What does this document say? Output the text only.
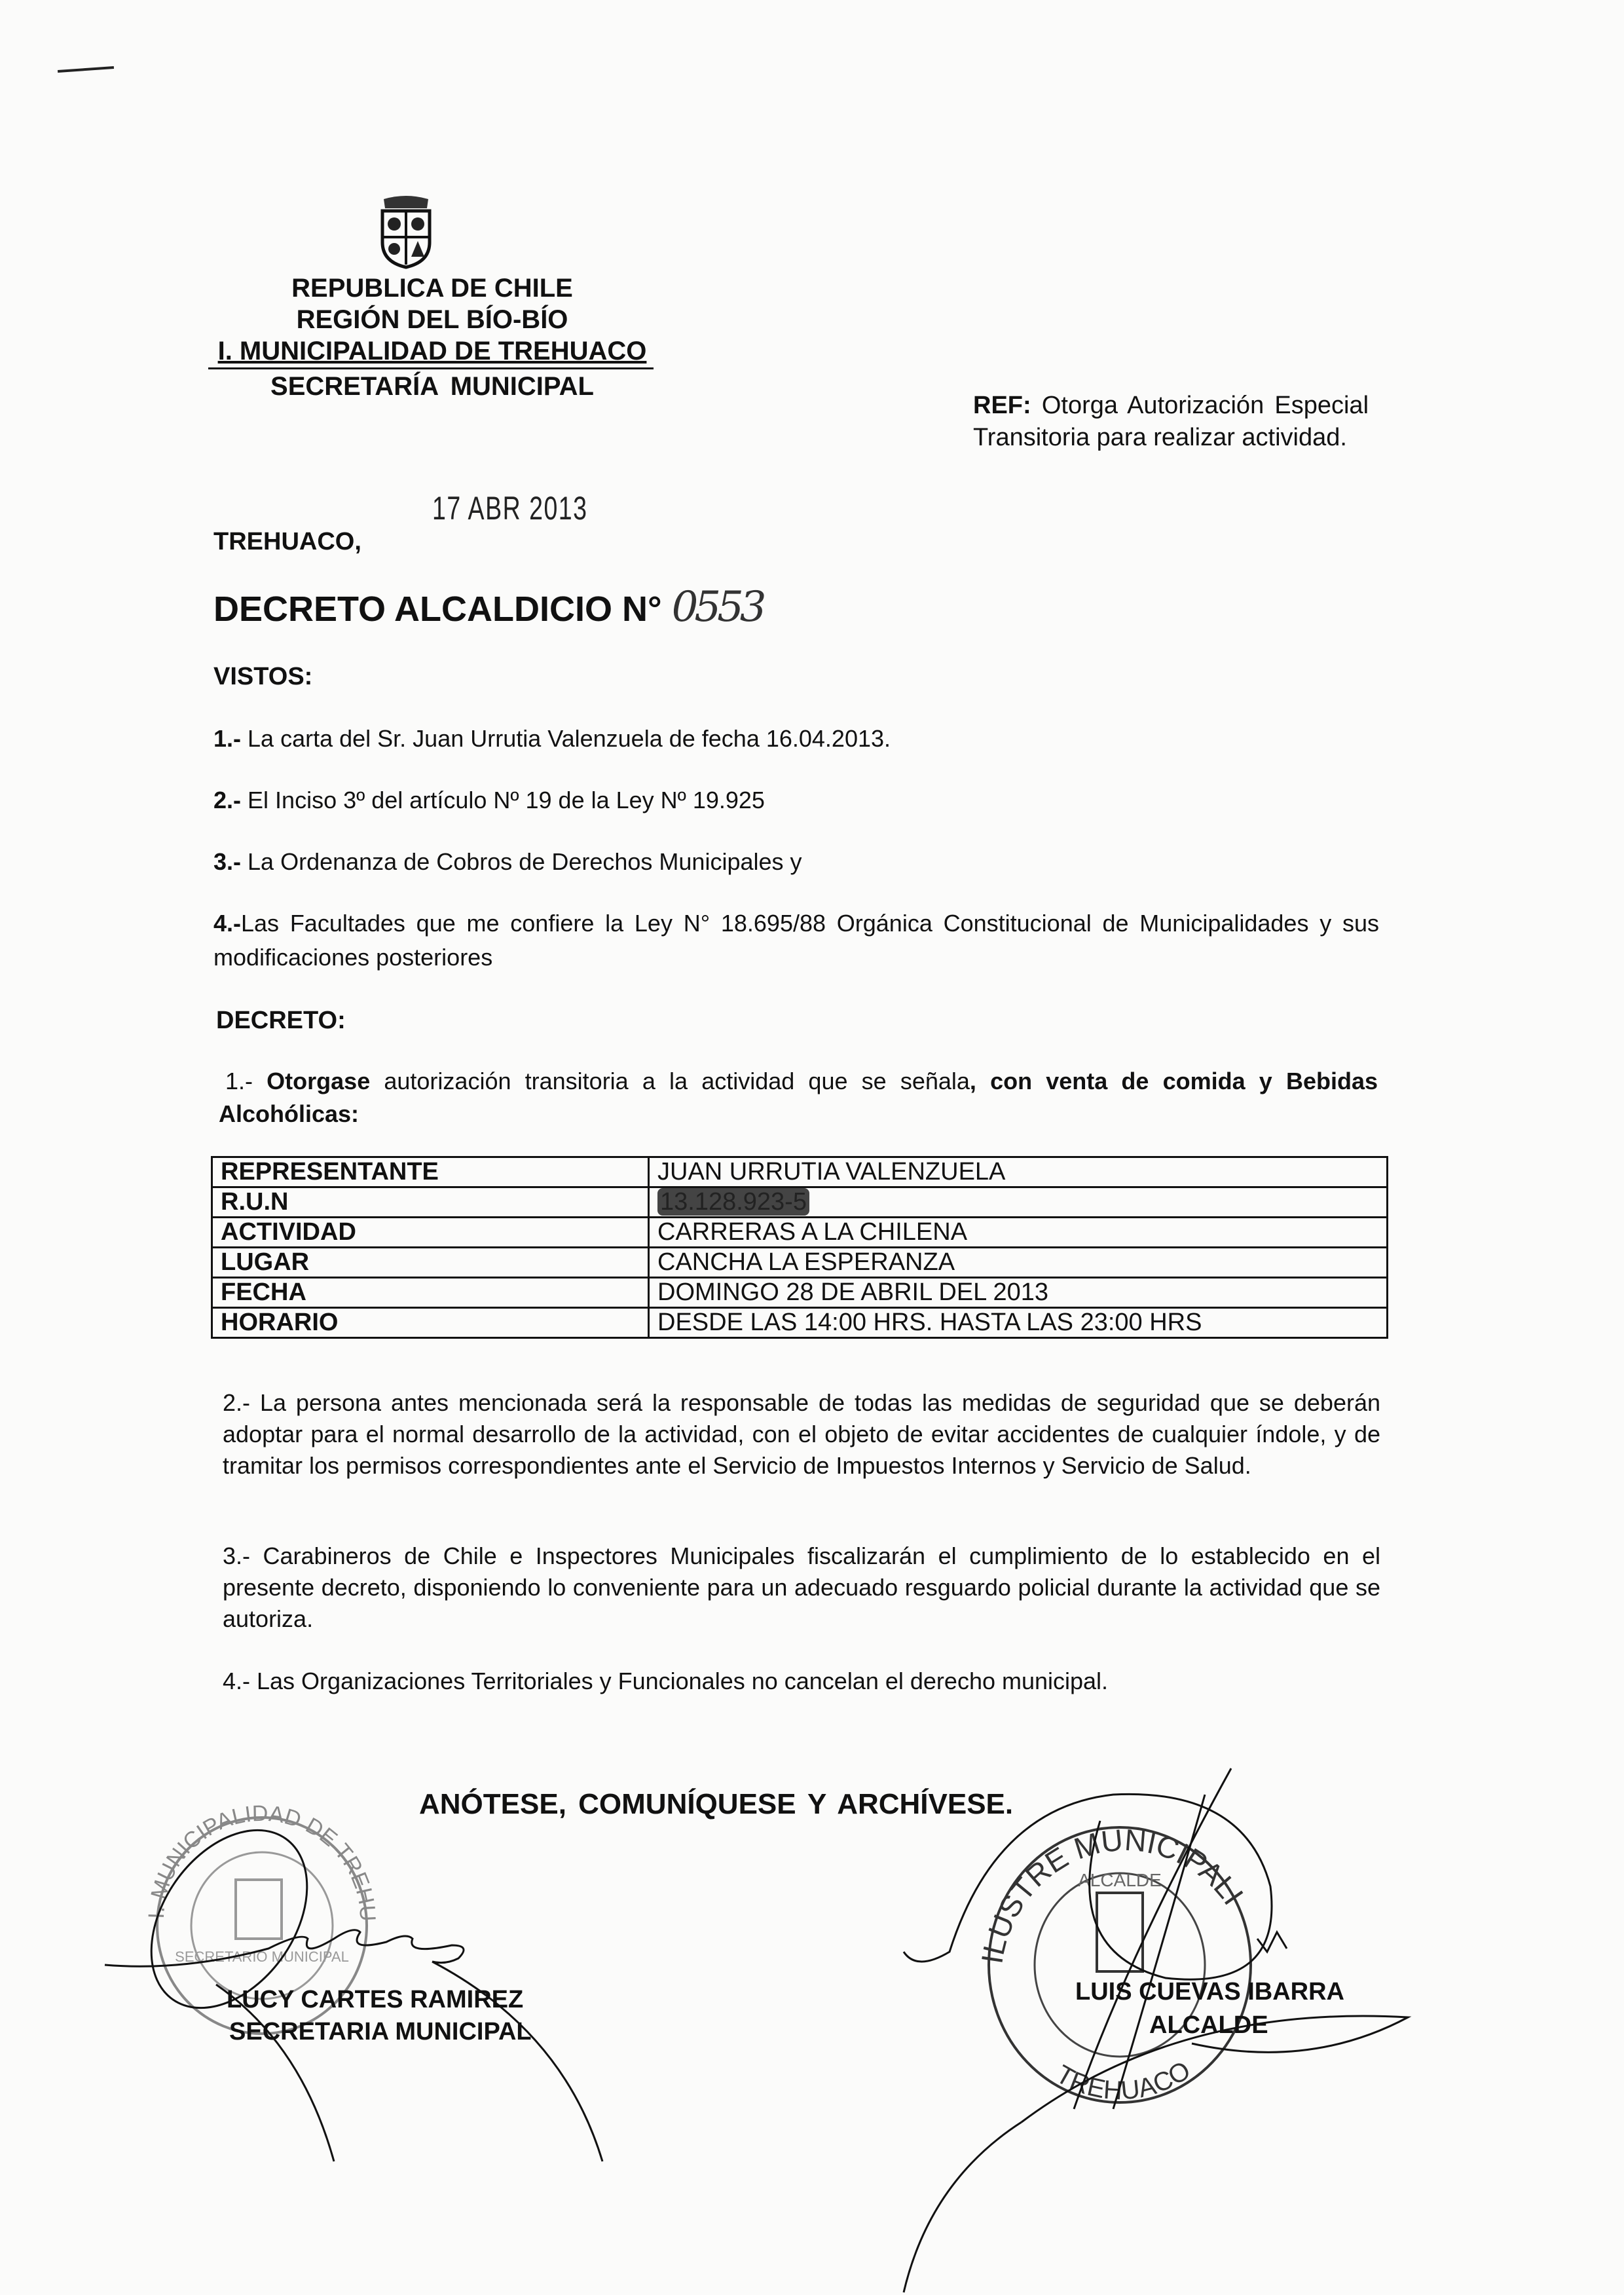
REPUBLICA DE CHILE
REGIÓN DEL BÍO-BÍO
I. MUNICIPALIDAD DE TREHUACO
SECRETARÍA MUNICIPAL
REF: Otorga Autorización Especial Transitoria para realizar actividad.
17 ABR 2013
TREHUACO,
DECRETO ALCALDICIO N° 0553
VISTOS:
1.- La carta del Sr. Juan Urrutia Valenzuela de fecha 16.04.2013.
2.- El Inciso 3º del artículo Nº 19 de la Ley Nº 19.925
3.- La Ordenanza de Cobros de Derechos Municipales y
4.-Las Facultades que me confiere la Ley N° 18.695/88 Orgánica Constitucional de Municipalidades y sus modificaciones posteriores
DECRETO:
1.- Otorgase autorización transitoria a la actividad que se señala, con venta de comida y Bebidas Alcohólicas:
REPRESENTANTE	JUAN URRUTIA VALENZUELA
R.U.N	13.128.923-5
ACTIVIDAD	CARRERAS A LA CHILENA
LUGAR	CANCHA LA ESPERANZA
FECHA	DOMINGO 28 DE ABRIL DEL 2013
HORARIO	DESDE LAS 14:00 HRS. HASTA LAS 23:00 HRS
2.- La persona antes mencionada será la responsable de todas las medidas de seguridad que se deberán adoptar para el normal desarrollo de la actividad, con el objeto de evitar accidentes de cualquier índole, y de tramitar los permisos correspondientes ante el Servicio de Impuestos Internos y Servicio de Salud.
3.- Carabineros de Chile e Inspectores Municipales fiscalizarán el cumplimiento de lo establecido en el presente decreto, disponiendo lo conveniente para un adecuado resguardo policial durante la actividad que se autoriza.
4.- Las Organizaciones Territoriales y Funcionales no cancelan el derecho municipal.
ANÓTESE, COMUNÍQUESE Y ARCHÍVESE.
I. MUNICIPALIDAD DE TREHUACO
SECRETARIO MUNICIPAL
LUCY CARTES RAMIREZ
SECRETARIA MUNICIPAL
ILUSTRE MUNICIPALIDAD
TREHUACO
ALCALDE
LUIS CUEVAS IBARRA
ALCALDE
